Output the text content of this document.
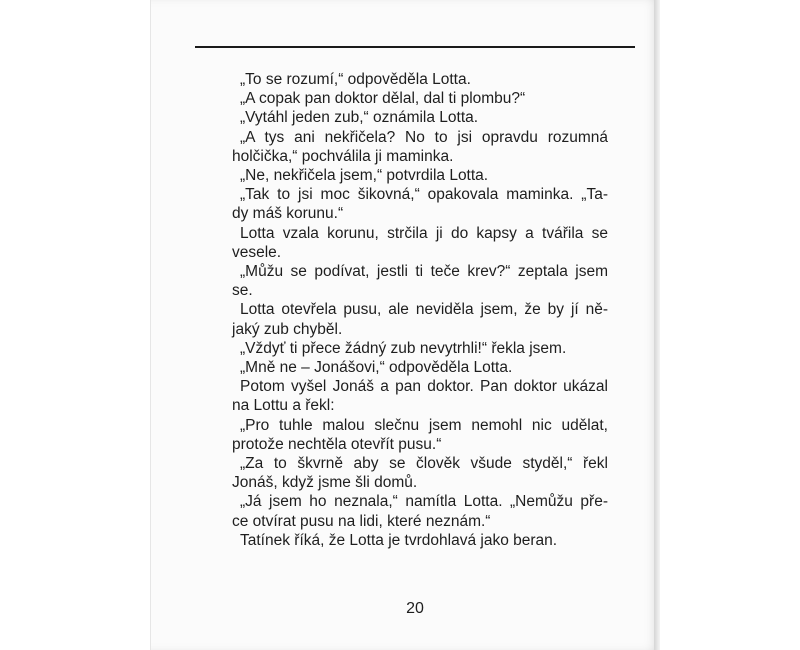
„To se rozumí,“ odpověděla Lotta.
„A copak pan doktor dělal, dal ti plombu?“
„Vytáhl jeden zub,“ oznámila Lotta.
„A tys ani nekřičela? No to jsi opravdu rozumná
holčička,“ pochválila ji maminka.
„Ne, nekřičela jsem,“ potvrdila Lotta.
„Tak to jsi moc šikovná,“ opakovala maminka. „Ta-
dy máš korunu.“
Lotta vzala korunu, strčila ji do kapsy a tvářila se
vesele.
„Můžu se podívat, jestli ti teče krev?“ zeptala jsem
se.
Lotta otevřela pusu, ale neviděla jsem, že by jí ně-
jaký zub chyběl.
„Vždyť ti přece žádný zub nevytrhli!“ řekla jsem.
„Mně ne – Jonášovi,“ odpověděla Lotta.
Potom vyšel Jonáš a pan doktor. Pan doktor ukázal
na Lottu a řekl:
„Pro tuhle malou slečnu jsem nemohl nic udělat,
protože nechtěla otevřít pusu.“
„Za to škvrně aby se člověk všude styděl,“ řekl
Jonáš, když jsme šli domů.
„Já jsem ho neznala,“ namítla Lotta. „Nemůžu pře-
ce otvírat pusu na lidi, které neznám.“
Tatínek říká, že Lotta je tvrdohlavá jako beran.
20
